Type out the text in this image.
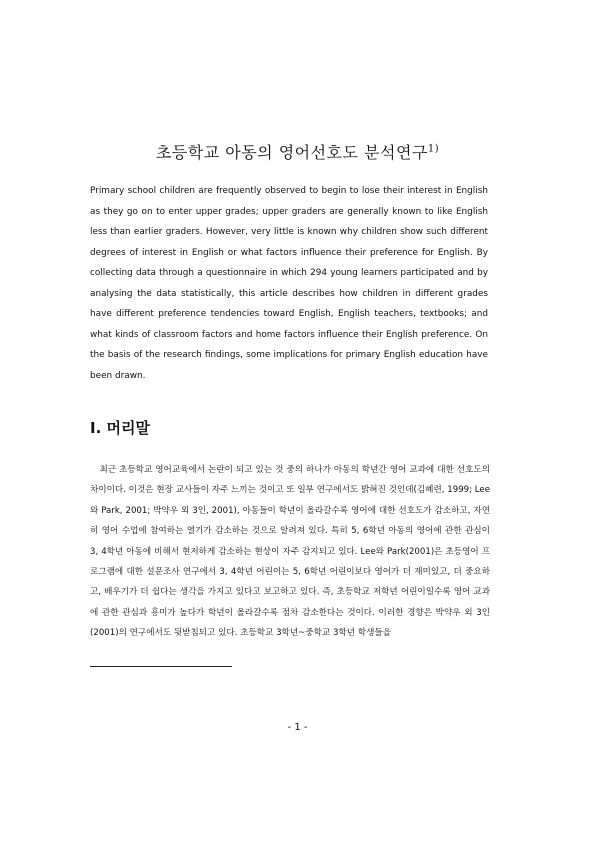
초등학교 아동의 영어선호도 분석연구$^{1)}$

Primary school children are frequently observed to begin to lose their interest in English as they go on to enter upper grades; upper graders are generally known to like English less than earlier graders. However, very little is known why children show such different degrees of interest in English or what factors influence their preference for English. By collecting data through a questionnaire in which 294 young learners participated and by analysing the data statistically, this article describes how children in different grades have different preference tendencies toward English, English teachers, textbooks; and what kinds of classroom factors and home factors influence their English preference. On the basis of the research findings, some implications for primary English education have been drawn.

Ⅰ. 머리말

최근 초등학교 영어교육에서 논란이 되고 있는 것 중의 하나가 아동의 학년간 영어 교과에 대한 선호도의 차이이다. 이것은 현장 교사들이 자주 느끼는 것이고 또 일부 연구에서도 밝혀진 것인데(김혜련, 1999; Lee와 Park, 2001; 박약우 외 3인, 2001), 아동들이 학년이 올라갈수록 영어에 대한 선호도가 감소하고, 자연히 영어 수업에 참여하는 열기가 감소하는 것으로 알려져 있다. 특히 5, 6학년 아동의 영어에 관한 관심이 3, 4학년 아동에 비해서 현저하게 감소하는 현상이 자주 감지되고 있다. Lee와 Park(2001)은 초등영어 프로그램에 대한 설문조사 연구에서 3, 4학년 어린이는 5, 6학년 어린이보다 영어가 더 재미있고, 더 중요하고, 배우기가 더 쉽다는 생각을 가지고 있다고 보고하고 있다. 즉, 초등학교 저학년 어린이일수록 영어 교과에 관한 관심과 흥미가 높다가 학년이 올라갈수록 점차 감소한다는 것이다. 이러한 경향은 박약우 외 3인(2001)의 연구에서도 뒷받침되고 있다. 초등학교 3학년~중학교 3학년 학생들을

- 1 -
